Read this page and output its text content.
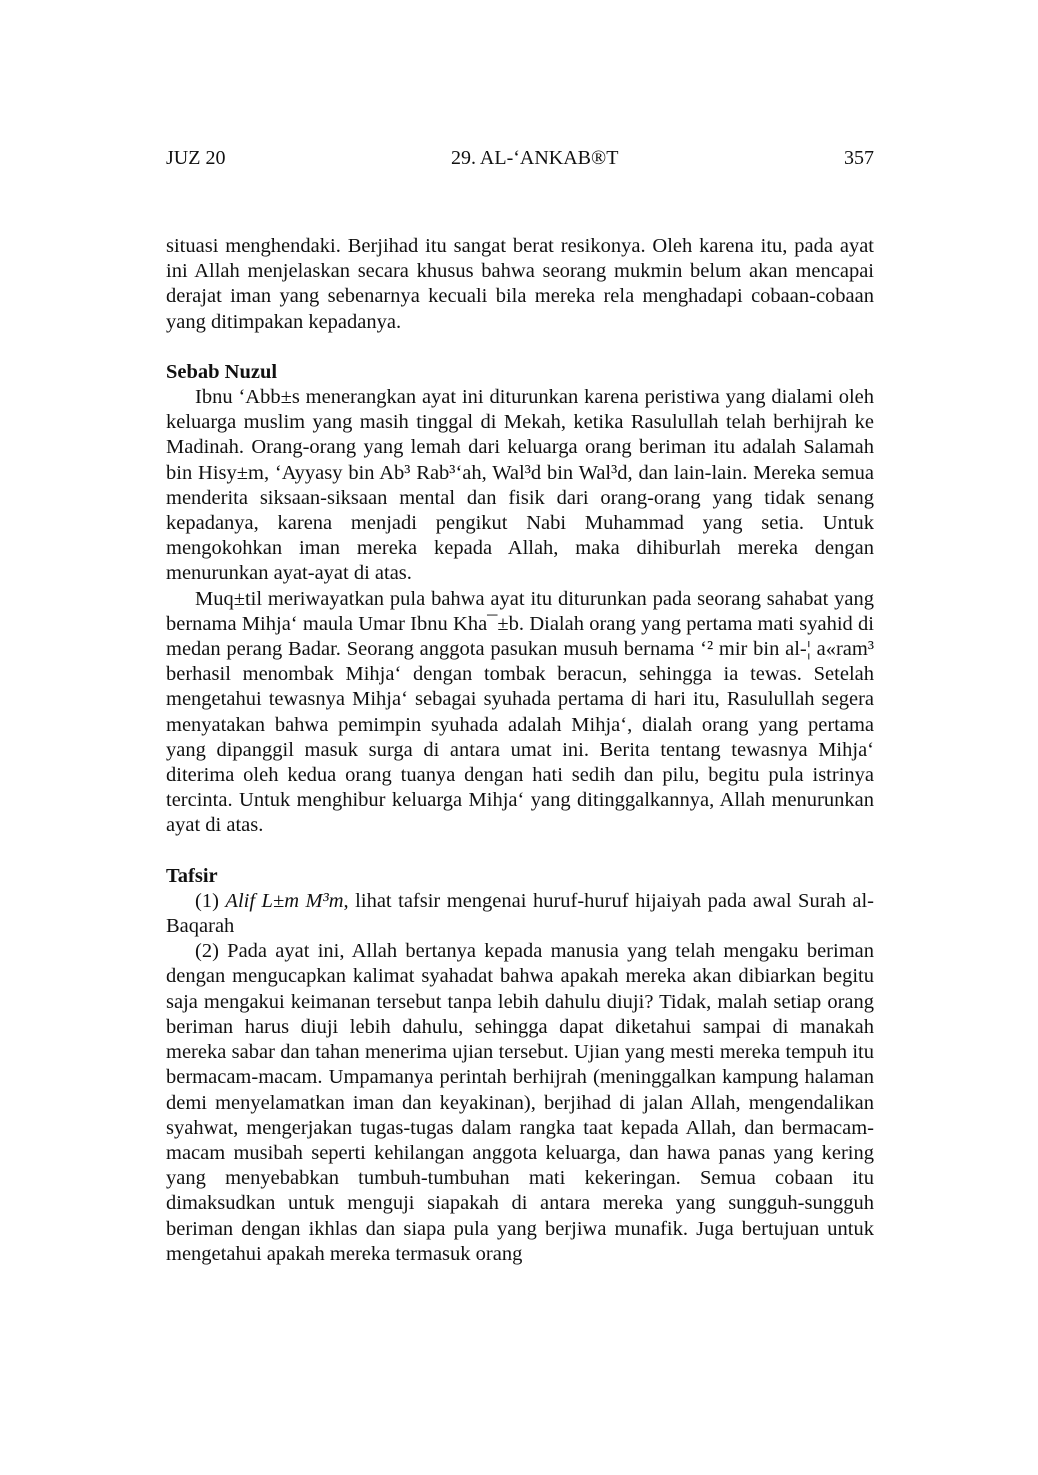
JUZ 20	29. AL-‘ANKAB®T	357

situasi menghendaki. Berjihad itu sangat berat resikonya. Oleh karena itu, pada ayat ini Allah menjelaskan secara khusus bahwa seorang mukmin belum akan mencapai derajat iman yang sebenarnya kecuali bila mereka rela menghadapi cobaan-cobaan yang ditimpakan kepadanya.

Sebab Nuzul

Ibnu ‘Abb±s menerangkan ayat ini diturunkan karena peristiwa yang dialami oleh keluarga muslim yang masih tinggal di Mekah, ketika Rasulullah telah berhijrah ke Madinah. Orang-orang yang lemah dari keluarga orang beriman itu adalah Salamah bin Hisy±m, ‘Ayyasy bin Ab³ Rab³‘ah, Wal³d bin Wal³d, dan lain-lain. Mereka semua menderita siksaan-siksaan mental dan fisik dari orang-orang yang tidak senang kepadanya, karena menjadi pengikut Nabi Muhammad yang setia. Untuk mengokohkan iman mereka kepada Allah, maka dihiburlah mereka dengan menurunkan ayat-ayat di atas.

Muq±til meriwayatkan pula bahwa ayat itu diturunkan pada seorang sahabat yang bernama Mihja‘ maula Umar Ibnu Kha¯±b. Dialah orang yang pertama mati syahid di medan perang Badar. Seorang anggota pasukan musuh bernama ‘² mir bin al-¦ a«ram³ berhasil menombak Mihja‘ dengan tombak beracun, sehingga ia tewas. Setelah mengetahui tewasnya Mihja‘ sebagai syuhada pertama di hari itu, Rasulullah segera menyatakan bahwa pemimpin syuhada adalah Mihja‘, dialah orang yang pertama yang dipanggil masuk surga di antara umat ini. Berita tentang tewasnya Mihja‘ diterima oleh kedua orang tuanya dengan hati sedih dan pilu, begitu pula istrinya tercinta. Untuk menghibur keluarga Mihja‘ yang ditinggalkannya, Allah menurunkan ayat di atas.

Tafsir

(1) Alif L±m M³m, lihat tafsir mengenai huruf-huruf hijaiyah pada awal Surah al-Baqarah

(2) Pada ayat ini, Allah bertanya kepada manusia yang telah mengaku beriman dengan mengucapkan kalimat syahadat bahwa apakah mereka akan dibiarkan begitu saja mengakui keimanan tersebut tanpa lebih dahulu diuji? Tidak, malah setiap orang beriman harus diuji lebih dahulu, sehingga dapat diketahui sampai di manakah mereka sabar dan tahan menerima ujian tersebut. Ujian yang mesti mereka tempuh itu bermacam-macam. Umpamanya perintah berhijrah (meninggalkan kampung halaman demi menyelamatkan iman dan keyakinan), berjihad di jalan Allah, mengendalikan syahwat, mengerjakan tugas-tugas dalam rangka taat kepada Allah, dan bermacam-macam musibah seperti kehilangan anggota keluarga, dan hawa panas yang kering yang menyebabkan tumbuh-tumbuhan mati kekeringan. Semua cobaan itu dimaksudkan untuk menguji siapakah di antara mereka yang sungguh-sungguh beriman dengan ikhlas dan siapa pula yang berjiwa munafik. Juga bertujuan untuk mengetahui apakah mereka termasuk orang
